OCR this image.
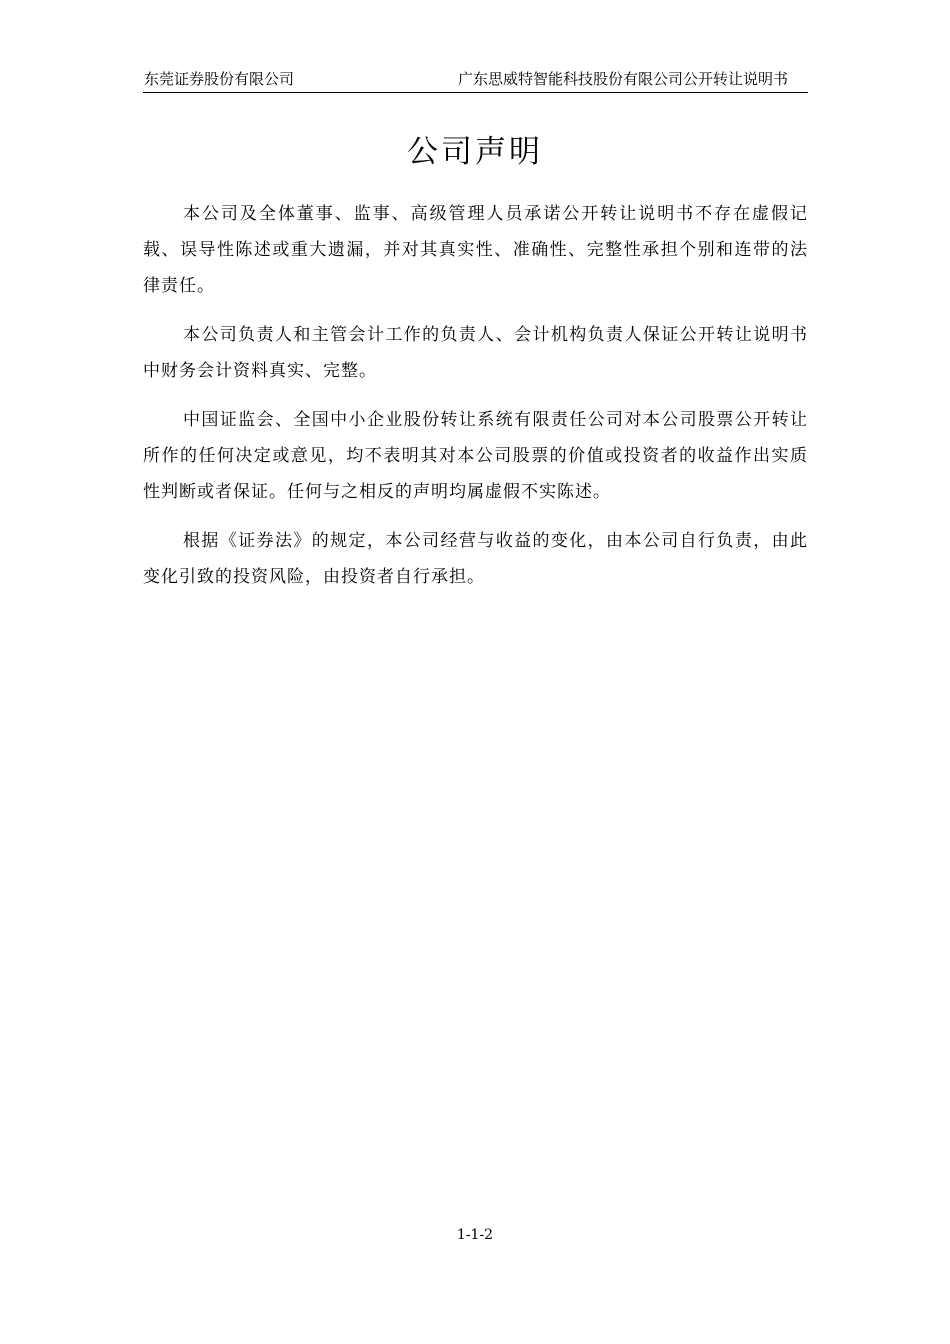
东莞证券股份有限公司	广东思威特智能科技股份有限公司公开转让说明书
公司声明

本公司及全体董事、监事、高级管理人员承诺公开转让说明书不存在虚假记载、误导性陈述或重大遗漏，并对其真实性、准确性、完整性承担个别和连带的法律责任。

本公司负责人和主管会计工作的负责人、会计机构负责人保证公开转让说明书中财务会计资料真实、完整。

中国证监会、全国中小企业股份转让系统有限责任公司对本公司股票公开转让所作的任何决定或意见，均不表明其对本公司股票的价值或投资者的收益作出实质性判断或者保证。任何与之相反的声明均属虚假不实陈述。

根据《证券法》的规定，本公司经营与收益的变化，由本公司自行负责，由此变化引致的投资风险，由投资者自行承担。

1-1-2
